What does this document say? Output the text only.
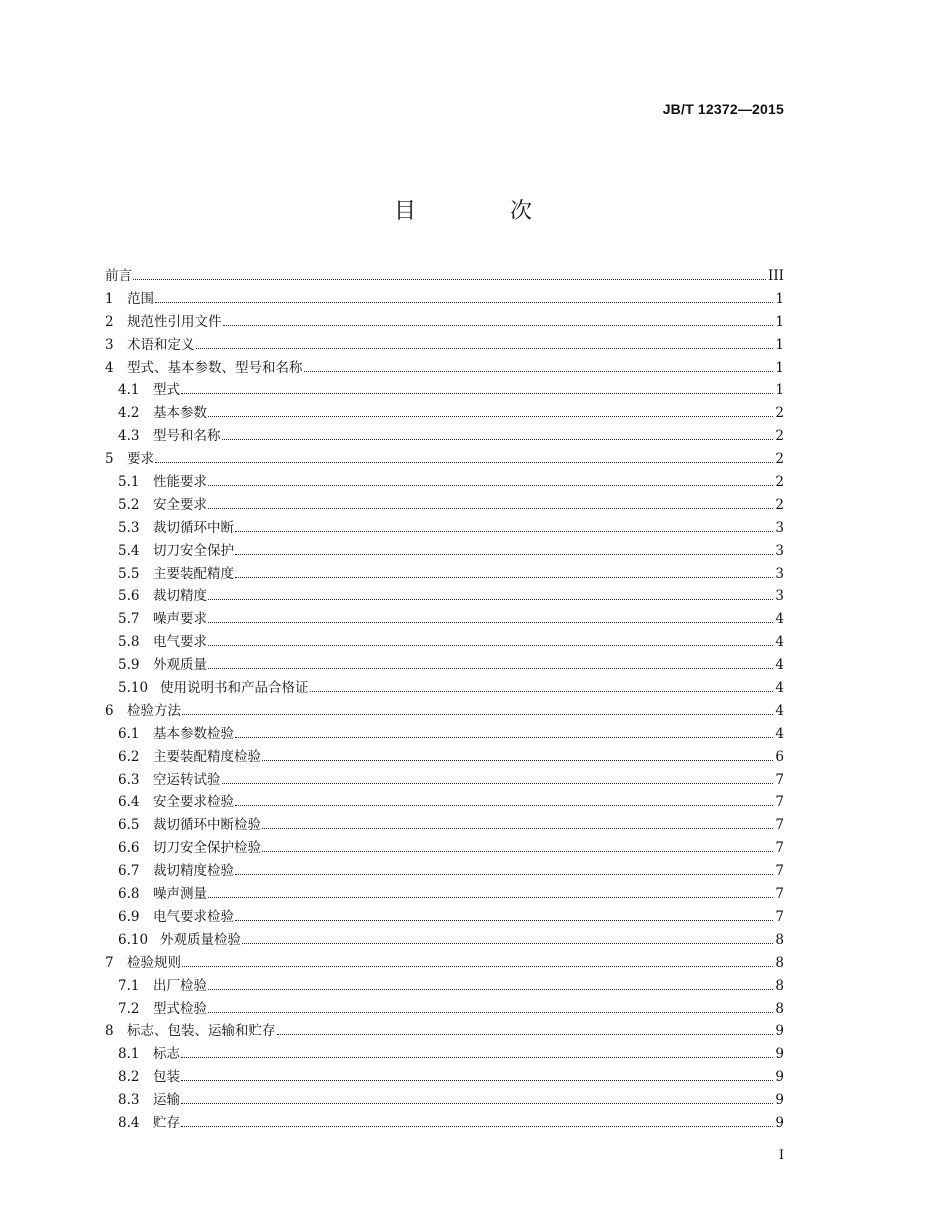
JB/T 12372—2015
目　次
前言	III
1 范围	1
2 规范性引用文件	1
3 术语和定义	1
4 型式、基本参数、型号和名称	1
4.1	型式	1
4.2	基本参数	2
4.3	型号和名称	2
5 要求	2
5.1	性能要求	2
5.2	安全要求	2
5.3	裁切循环中断	3
5.4	切刀安全保护	3
5.5	主要装配精度	3
5.6	裁切精度	3
5.7	噪声要求	4
5.8	电气要求	4
5.9	外观质量	4
5.10 使用说明书和产品合格证	4
6 检验方法	4
6.1	基本参数检验	4
6.2	主要装配精度检验	6
6.3	空运转试验	7
6.4	安全要求检验	7
6.5	裁切循环中断检验	7
6.6	切刀安全保护检验	7
6.7	裁切精度检验	7
6.8	噪声测量	7
6.9	电气要求检验	7
6.10 外观质量检验	8
7 检验规则	8
7.1	出厂检验	8
7.2	型式检验	8
8 标志、包装、运输和贮存	9
8.1	标志	9
8.2	包装	9
8.3	运输	9
8.4	贮存	9
I
